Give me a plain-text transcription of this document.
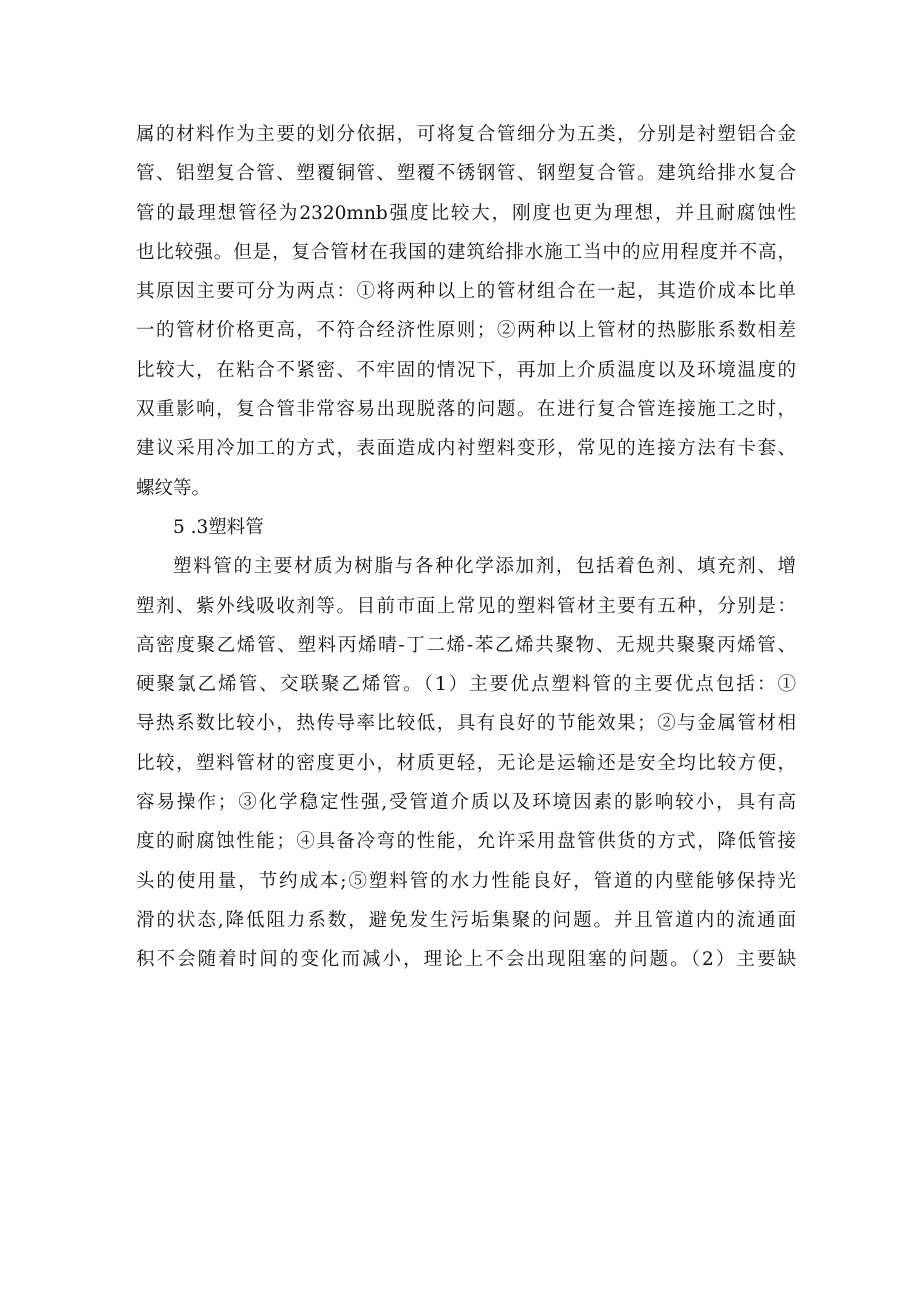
属的材料作为主要的划分依据，可将复合管细分为五类，分别是衬塑铝合金
管、铝塑复合管、塑覆铜管、塑覆不锈钢管、钢塑复合管。建筑给排水复合
管的最理想管径为2320mnb强度比较大，刚度也更为理想，并且耐腐蚀性
也比较强。但是，复合管材在我国的建筑给排水施工当中的应用程度并不高，
其原因主要可分为两点：①将两种以上的管材组合在一起，其造价成本比单
一的管材价格更高，不符合经济性原则；②两种以上管材的热膨胀系数相差
比较大，在粘合不紧密、不牢固的情况下，再加上介质温度以及环境温度的
双重影响，复合管非常容易出现脱落的问题。在进行复合管连接施工之时，
建议采用冷加工的方式，表面造成内衬塑料变形，常见的连接方法有卡套、
螺纹等。
5 .3塑料管
塑料管的主要材质为树脂与各种化学添加剂，包括着色剂、填充剂、增
塑剂、紫外线吸收剂等。目前市面上常见的塑料管材主要有五种，分别是：
高密度聚乙烯管、塑料丙烯晴-丁二烯-苯乙烯共聚物、无规共聚聚丙烯管、
硬聚氯乙烯管、交联聚乙烯管。（1）主要优点塑料管的主要优点包括：①
导热系数比较小，热传导率比较低，具有良好的节能效果；②与金属管材相
比较，塑料管材的密度更小，材质更轻，无论是运输还是安全均比较方便，
容易操作；③化学稳定性强,受管道介质以及环境因素的影响较小，具有高
度的耐腐蚀性能；④具备冷弯的性能，允许采用盘管供货的方式，降低管接
头的使用量，节约成本;⑤塑料管的水力性能良好，管道的内壁能够保持光
滑的状态,降低阻力系数，避免发生污垢集聚的问题。并且管道内的流通面
积不会随着时间的变化而减小，理论上不会出现阻塞的问题。（2）主要缺
